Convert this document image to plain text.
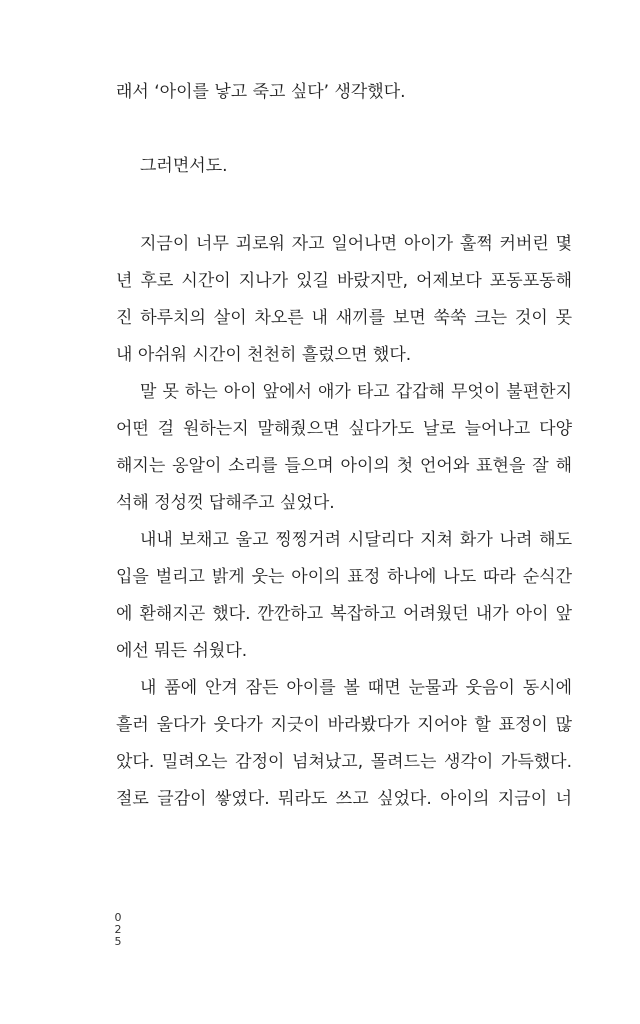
래서 ‘아이를 낳고 죽고 싶다’ 생각했다.
그러면서도.
지금이 너무 괴로워 자고 일어나면 아이가 훌쩍 커버린 몇
년 후로 시간이 지나가 있길 바랐지만, 어제보다 포동포동해
진 하루치의 살이 차오른 내 새끼를 보면 쑥쑥 크는 것이 못
내 아쉬워 시간이 천천히 흘렀으면 했다.
말 못 하는 아이 앞에서 애가 타고 갑갑해 무엇이 불편한지
어떤 걸 원하는지 말해줬으면 싶다가도 날로 늘어나고 다양
해지는 옹알이 소리를 들으며 아이의 첫 언어와 표현을 잘 해
석해 정성껏 답해주고 싶었다.
내내 보채고 울고 찡찡거려 시달리다 지쳐 화가 나려 해도
입을 벌리고 밝게 웃는 아이의 표정 하나에 나도 따라 순식간
에 환해지곤 했다. 깐깐하고 복잡하고 어려웠던 내가 아이 앞
에선 뭐든 쉬웠다.
내 품에 안겨 잠든 아이를 볼 때면 눈물과 웃음이 동시에
흘러 울다가 웃다가 지긋이 바라봤다가 지어야 할 표정이 많
았다. 밀려오는 감정이 넘쳐났고, 몰려드는 생각이 가득했다.
절로 글감이 쌓였다. 뭐라도 쓰고 싶었다. 아이의 지금이 너
0
2
5
